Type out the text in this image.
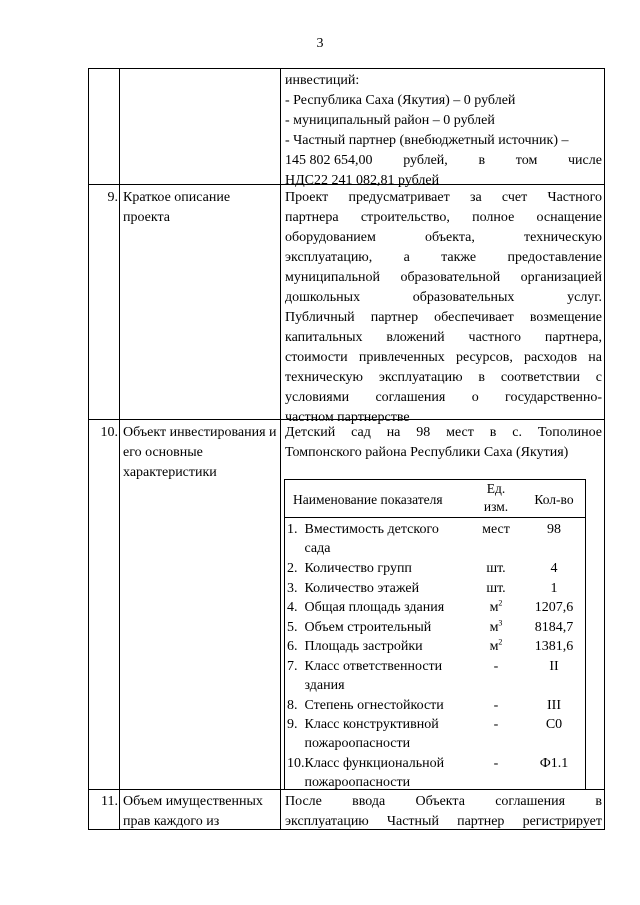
3
инвестиций:
- Республика Саха (Якутия) – 0 рублей
- муниципальный район – 0 рублей
- Частный партнер (внебюджетный источник) –
145 802 654,00 рублей, в том числе
НДС22 241 082,81 рублей
9. Краткое описание проекта
Проект предусматривает за счет Частного
партнера строительство, полное оснащение
оборудованием	объекта,	техническую
эксплуатацию, а также предоставление
муниципальной образовательной организацией
дошкольных	образовательных	услуг.
Публичный партнер обеспечивает возмещение
капитальных вложений частного партнера,
стоимости привлеченных ресурсов, расходов на
техническую эксплуатацию в соответствии с
условиями соглашения о государственно-
частном партнерстве
10. Объект инвестирования и его основные характеристики
Детский сад на 98 мест в с. Тополиное
Томпонского района Республики Саха (Якутия)
Наименование показателя
Ед.
изм.	Кол-во
1.  Вместимость детского
сада
мест	98
2.  Количество групп	шт.	4
3.  Количество этажей	шт.	1
4.  Общая площадь здания	$м^2$	1207,6
5.  Объем строительный	$м^3$	8184,7
6.  Площадь застройки	$м^2$	1381,6
7.  Класс ответственности
здания
-	II
8.  Степень огнестойкости	-	III
9.  Класс конструктивной
пожароопасности
-	С0
10.Класс функциональной
пожароопасности
-	Ф1.1
11. Объем имущественных прав каждого из
После ввода Объекта соглашения в
эксплуатацию Частный партнер регистрирует
